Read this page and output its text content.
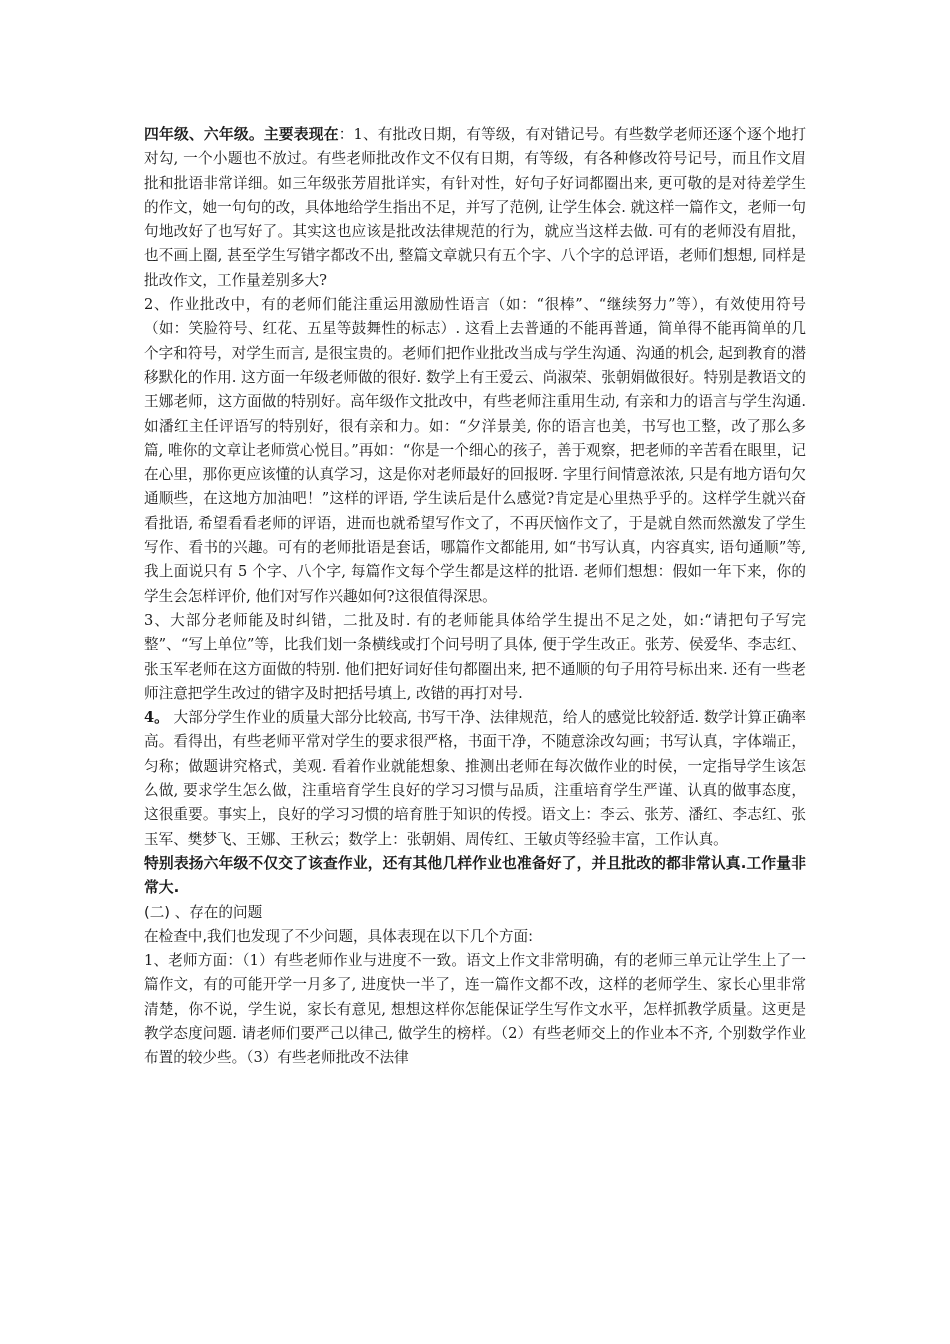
四年级、六年级。主要表现在：1、有批改日期，有等级，有对错记号。有些数学老师还逐个逐个地打对勾, 一个小题也不放过。有些老师批改作文不仅有日期，有等级，有各种修改符号记号，而且作文眉批和批语非常详细。如三年级张芳眉批详实，有针对性，好句子好词都圈出来, 更可敬的是对待差学生的作文，她一句句的改，具体地给学生指出不足，并写了范例, 让学生体会. 就这样一篇作文，老师一句句地改好了也写好了。其实这也应该是批改法律规范的行为，就应当这样去做. 可有的老师没有眉批，也不画上圈, 甚至学生写错字都改不出, 整篇文章就只有五个字、八个字的总评语，老师们想想, 同样是批改作文，工作量差别多大?

2、作业批改中，有的老师们能注重运用激励性语言（如：“很棒”、“继续努力”等），有效使用符号（如：笑脸符号、红花、五星等鼓舞性的标志）. 这看上去普通的不能再普通，简单得不能再简单的几个字和符号，对学生而言, 是很宝贵的。老师们把作业批改当成与学生沟通、沟通的机会, 起到教育的潜移默化的作用. 这方面一年级老师做的很好. 数学上有王爱云、尚淑荣、张朝娟做很好。特别是教语文的王娜老师，这方面做的特别好。高年级作文批改中，有些老师注重用生动, 有亲和力的语言与学生沟通. 如潘红主任评语写的特别好，很有亲和力。如：“夕洋景美, 你的语言也美，书写也工整，改了那么多篇, 唯你的文章让老师赏心悦目。”再如：“你是一个细心的孩子，善于观察，把老师的辛苦看在眼里，记在心里，那你更应该懂的认真学习，这是你对老师最好的回报呀. 字里行间情意浓浓, 只是有地方语句欠通顺些，在这地方加油吧！”这样的评语, 学生读后是什么感觉?肯定是心里热乎乎的。这样学生就兴奋看批语, 希望看看老师的评语，进而也就希望写作文了，不再厌恼作文了，于是就自然而然激发了学生写作、看书的兴趣。可有的老师批语是套话，哪篇作文都能用, 如“书写认真，内容真实, 语句通顺”等, 我上面说只有 5 个字、八个字, 每篇作文每个学生都是这样的批语. 老师们想想：假如一年下来，你的学生会怎样评价, 他们对写作兴趣如何?这很值得深思。

3、大部分老师能及时纠错，二批及时. 有的老师能具体给学生提出不足之处，如:“请把句子写完整”、“写上单位”等，比我们划一条横线或打个问号明了具体, 便于学生改正。张芳、侯爱华、李志红、张玉军老师在这方面做的特别. 他们把好词好佳句都圈出来, 把不通顺的句子用符号标出来. 还有一些老师注意把学生改过的错字及时把括号填上, 改错的再打对号.

4。 大部分学生作业的质量大部分比较高, 书写干净、法律规范，给人的感觉比较舒适. 数学计算正确率高。看得出，有些老师平常对学生的要求很严格，书面干净，不随意涂改勾画；书写认真，字体端正，匀称；做题讲究格式，美观. 看着作业就能想象、推测出老师在每次做作业的时侯，一定指导学生该怎么做, 要求学生怎么做，注重培育学生良好的学习习惯与品质，注重培育学生严谨、认真的做事态度，这很重要。事实上，良好的学习习惯的培育胜于知识的传授。语文上：李云、张芳、潘红、李志红、张玉军、樊梦飞、王娜、王秋云；数学上：张朝娟、周传红、王敏贞等经验丰富，工作认真。

特别表扬六年级不仅交了该查作业，还有其他几样作业也准备好了，并且批改的都非常认真.工作量非常大.

(二) 、存在的问题

在检查中,我们也发现了不少问题，具体表现在以下几个方面:

1、老师方面：（1）有些老师作业与进度不一致。语文上作文非常明确，有的老师三单元让学生上了一篇作文，有的可能开学一月多了, 进度快一半了，连一篇作文都不改，这样的老师学生、家长心里非常清楚，你不说，学生说，家长有意见, 想想这样你怎能保证学生写作文水平，怎样抓教学质量。这更是教学态度问题. 请老师们要严己以律己, 做学生的榜样。（2）有些老师交上的作业本不齐, 个别数学作业布置的较少些。（3）有些老师批改不法律
